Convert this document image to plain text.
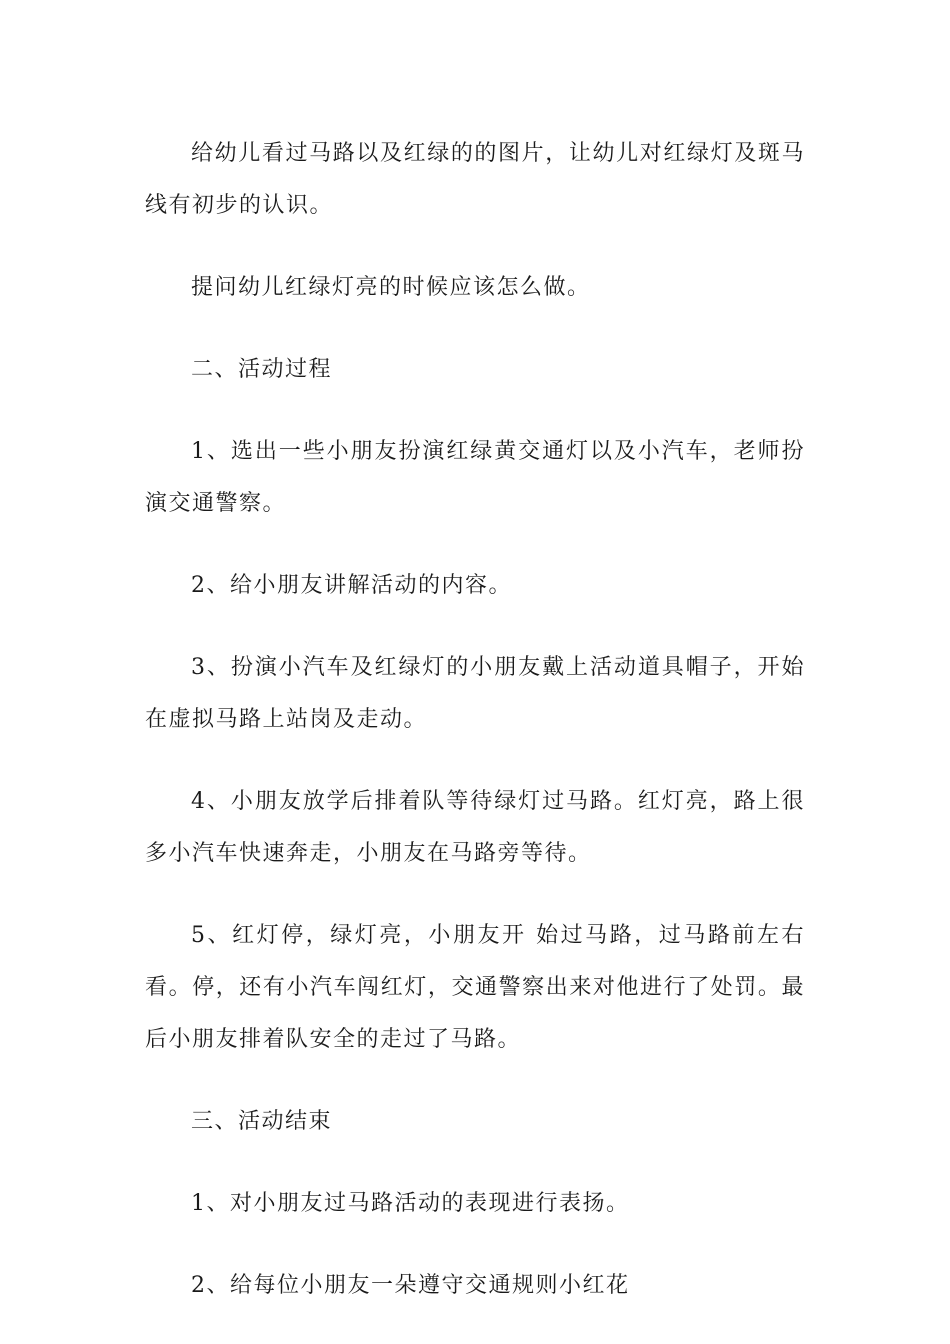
给幼儿看过马路以及红绿的的图片，让幼儿对红绿灯及斑马线有初步的认识。

提问幼儿红绿灯亮的时候应该怎么做。

二、活动过程

1、选出一些小朋友扮演红绿黄交通灯以及小汽车，老师扮演交通警察。

2、给小朋友讲解活动的内容。

3、扮演小汽车及红绿灯的小朋友戴上活动道具帽子，开始在虚拟马路上站岗及走动。

4、小朋友放学后排着队等待绿灯过马路。红灯亮，路上很多小汽车快速奔走，小朋友在马路旁等待。

5、红灯停，绿灯亮，小朋友开 始过马路，过马路前左右看。停，还有小汽车闯红灯，交通警察出来对他进行了处罚。最后小朋友排着队安全的走过了马路。

三、活动结束

1、对小朋友过马路活动的表现进行表扬。

2、给每位小朋友一朵遵守交通规则小红花
